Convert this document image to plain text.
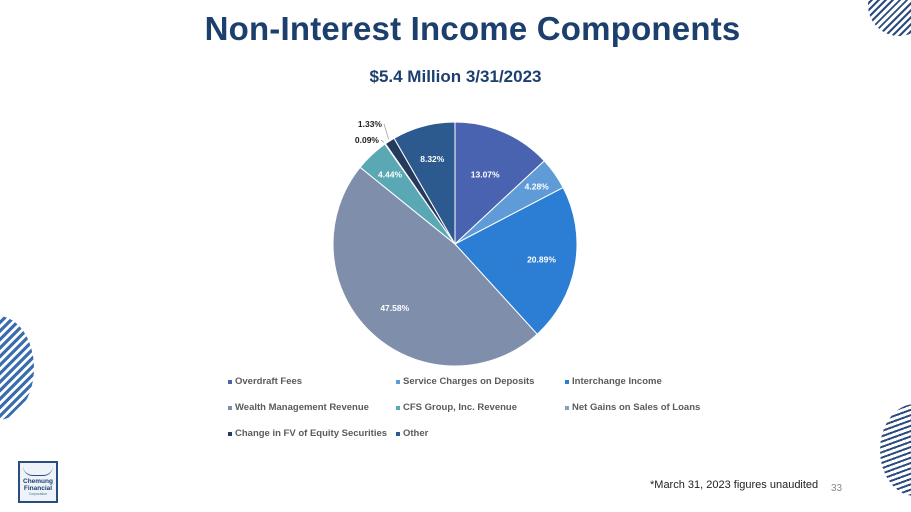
Non-Interest Income Components
$5.4 Million 3/31/2023
13.07%
4.28%
20.89%
47.58%
4.44%
0.09%
1.33%
8.32%
Overdraft Fees	Service Charges on Deposits	Interchange Income
Wealth Management Revenue	CFS Group, Inc. Revenue	Net Gains on Sales of Loans
Change in FV of Equity Securities Other
*March 31, 2023 figures unaudited 33
Chemung
Financial
Corporation
